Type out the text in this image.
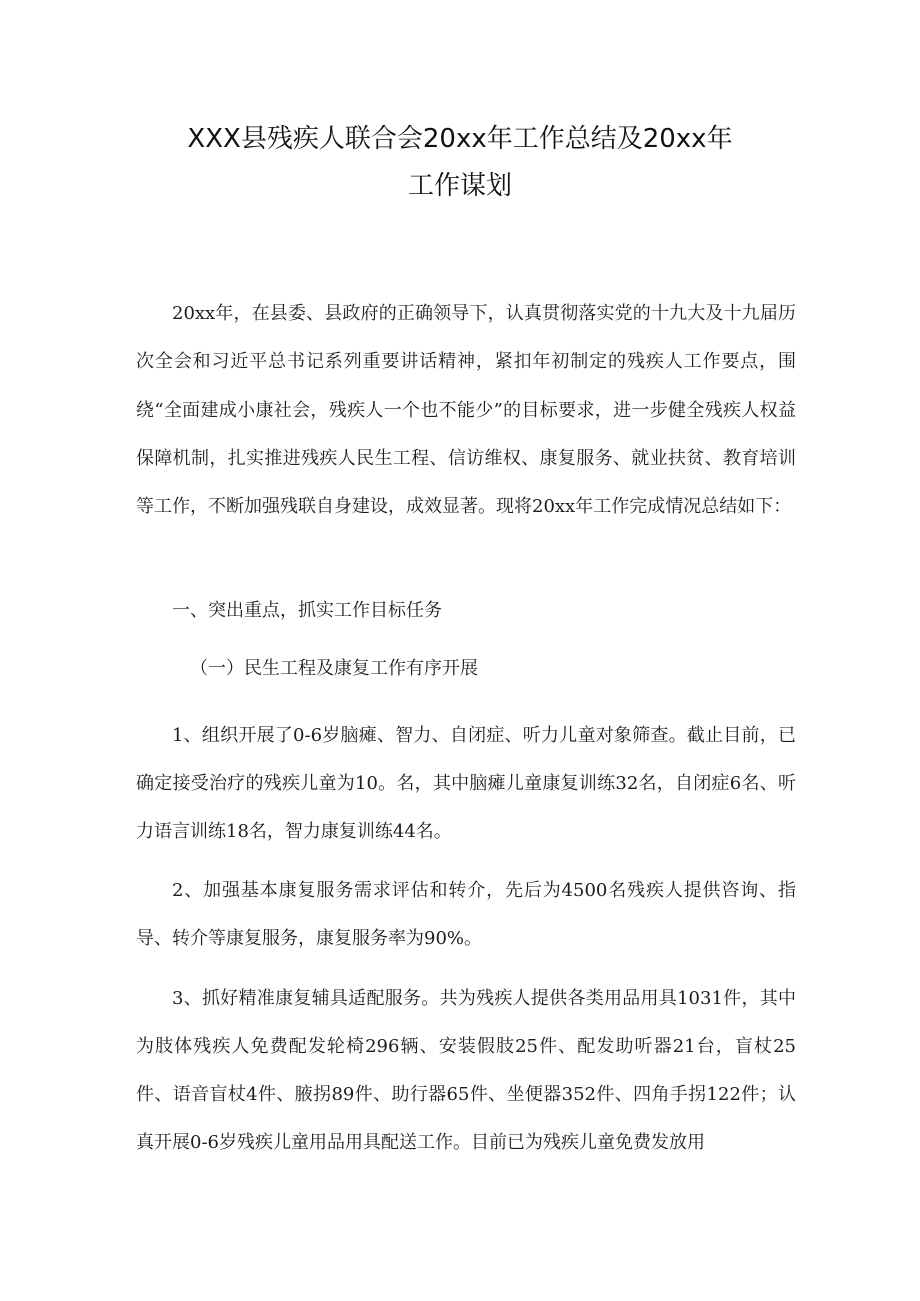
XXX县残疾人联合会20xx年工作总结及20xx年
工作谋划

20xx年，在县委、县政府的正确领导下，认真贯彻落实党的十九大及十九届历次全会和习近平总书记系列重要讲话精神，紧扣年初制定的残疾人工作要点，围绕“全面建成小康社会，残疾人一个也不能少”的目标要求，进一步健全残疾人权益保障机制，扎实推进残疾人民生工程、信访维权、康复服务、就业扶贫、教育培训等工作，不断加强残联自身建设，成效显著。现将20xx年工作完成情况总结如下：

一、突出重点，抓实工作目标任务

（一）民生工程及康复工作有序开展

1、组织开展了0-6岁脑瘫、智力、自闭症、听力儿童对象筛查。截止目前，已确定接受治疗的残疾儿童为10。名，其中脑瘫儿童康复训练32名，自闭症6名、听力语言训练18名，智力康复训练44名。

2、加强基本康复服务需求评估和转介，先后为4500名残疾人提供咨询、指导、转介等康复服务，康复服务率为90%。

3、抓好精准康复辅具适配服务。共为残疾人提供各类用品用具1031件，其中为肢体残疾人免费配发轮椅296辆、安装假肢25件、配发助听器21台，盲杖25件、语音盲杖4件、腋拐89件、助行器65件、坐便器352件、四角手拐122件；认真开展0-6岁残疾儿童用品用具配送工作。目前已为残疾儿童免费发放用
